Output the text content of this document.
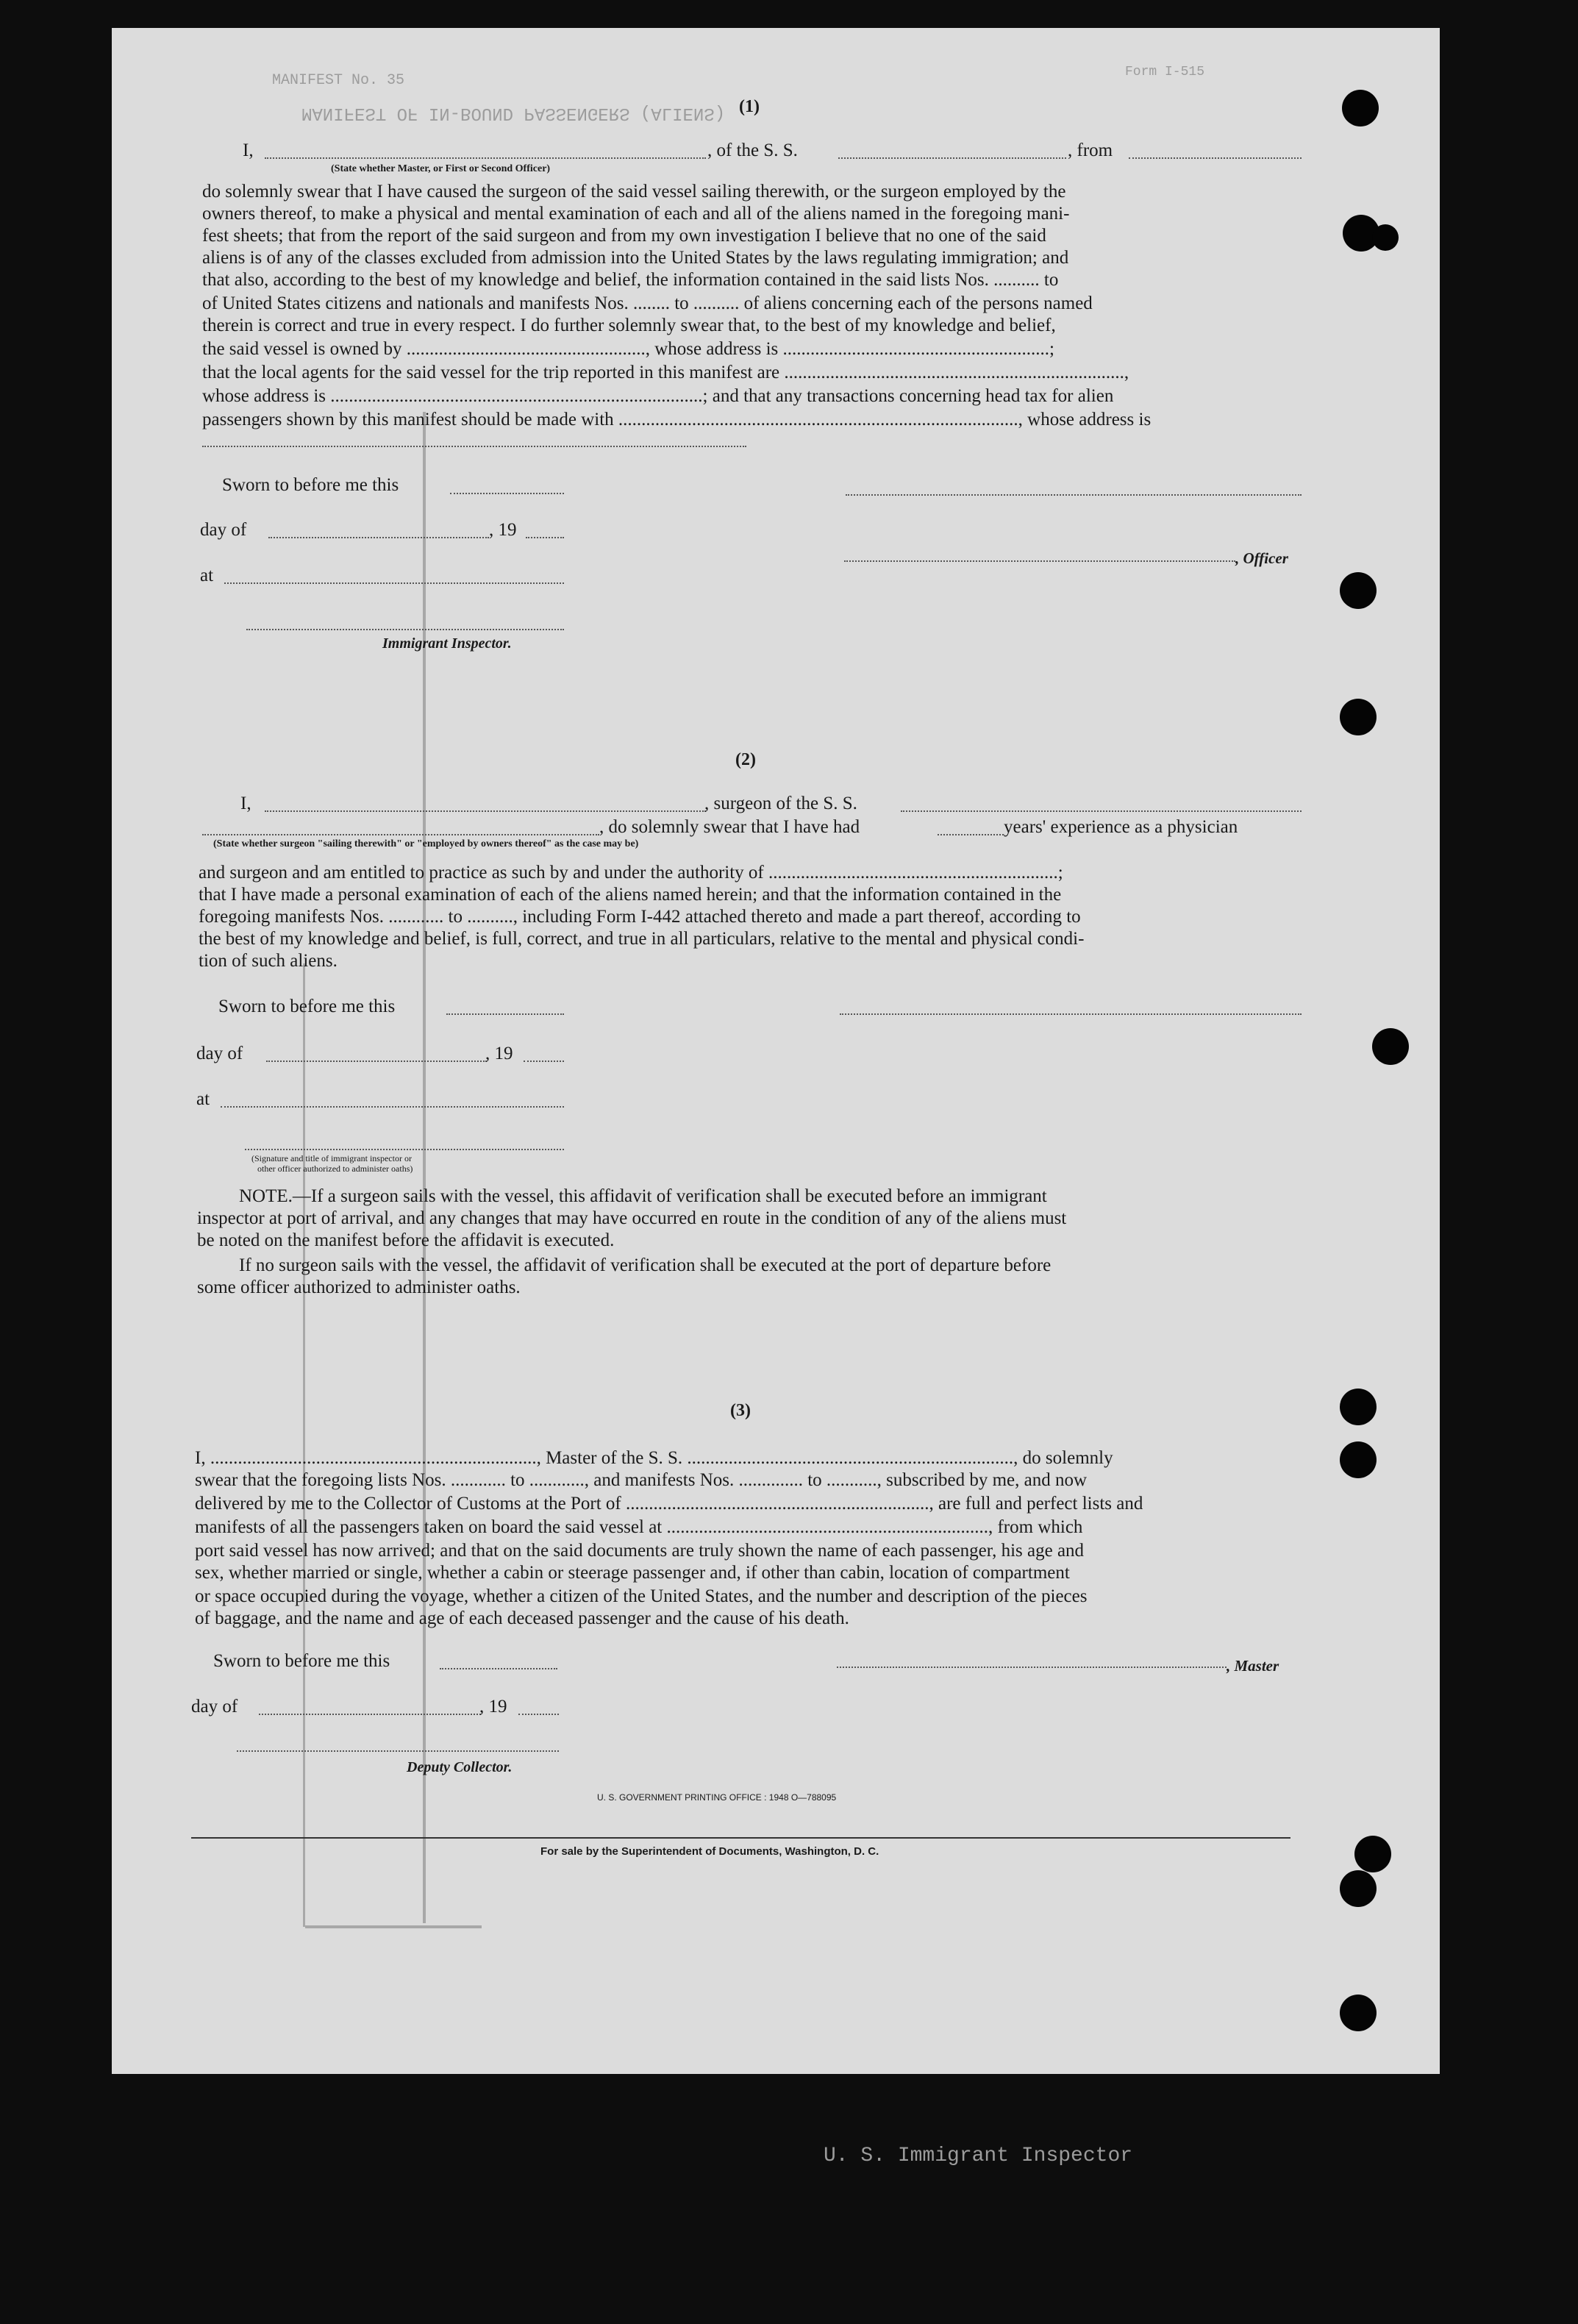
MANIFEST OF IN-BOUND PASSENGERS (ALIENS)
MANIFEST No. 35	Form I-515
U. S. Immigrant Inspector
(1)
I,	, of the S. S.	, from
(State whether Master, or First or Second Officer)
do solemnly swear that I have caused the surgeon of the said vessel sailing therewith, or the surgeon employed by the
owners thereof, to make a physical and mental examination of each and all of the aliens named in the foregoing mani-
fest sheets; that from the report of the said surgeon and from my own investigation I believe that no one of the said
aliens is of any of the classes excluded from admission into the United States by the laws regulating immigration; and
that also, according to the best of my knowledge and belief, the information contained in the said lists Nos. .......... to
of United States citizens and nationals and manifests Nos. ........ to .......... of aliens concerning each of the persons named
therein is correct and true in every respect. I do further solemnly swear that, to the best of my knowledge and belief,
the said vessel is owned by ...................................................., whose address is ..........................................................;
that the local agents for the said vessel for the trip reported in this manifest are ..........................................................................,
whose address is .................................................................................; and that any transactions concerning head tax for alien
passengers shown by this manifest should be made with ......................................................................................., whose address is
Sworn to before me this
day of	, 19
, Officer
at
Immigrant Inspector.
(2)
I,	, surgeon of the S. S.
, do solemnly swear that I have had	years' experience as a physician
(State whether surgeon "sailing therewith" or "employed by owners thereof" as the case may be)
and surgeon and am entitled to practice as such by and under the authority of ...............................................................;
that I have made a personal examination of each of the aliens named herein; and that the information contained in the
foregoing manifests Nos. ............ to .........., including Form I-442 attached thereto and made a part thereof, according to
the best of my knowledge and belief, is full, correct, and true in all particulars, relative to the mental and physical condi-
tion of such aliens.
Sworn to before me this
day of	, 19
at
(Signature and title of immigrant inspector or
other officer authorized to administer oaths)
NOTE.—If a surgeon sails with the vessel, this affidavit of verification shall be executed before an immigrant
inspector at port of arrival, and any changes that may have occurred en route in the condition of any of the aliens must
be noted on the manifest before the affidavit is executed.
If no surgeon sails with the vessel, the affidavit of verification shall be executed at the port of departure before
some officer authorized to administer oaths.
(3)
I, ......................................................................., Master of the S. S. ......................................................................., do solemnly
swear that the foregoing lists Nos. ............ to ............, and manifests Nos. .............. to ..........., subscribed by me, and now
delivered by me to the Collector of Customs at the Port of .................................................................., are full and perfect lists and
manifests of all the passengers taken on board the said vessel at ......................................................................, from which
port said vessel has now arrived; and that on the said documents are truly shown the name of each passenger, his age and
sex, whether married or single, whether a cabin or steerage passenger and, if other than cabin, location of compartment
or space occupied during the voyage, whether a citizen of the United States, and the number and description of the pieces
of baggage, and the name and age of each deceased passenger and the cause of his death.
Sworn to before me this	, Master
day of	, 19
Deputy Collector.
U. S. GOVERNMENT PRINTING OFFICE : 1948 O—788095
For sale by the Superintendent of Documents, Washington, D. C.
